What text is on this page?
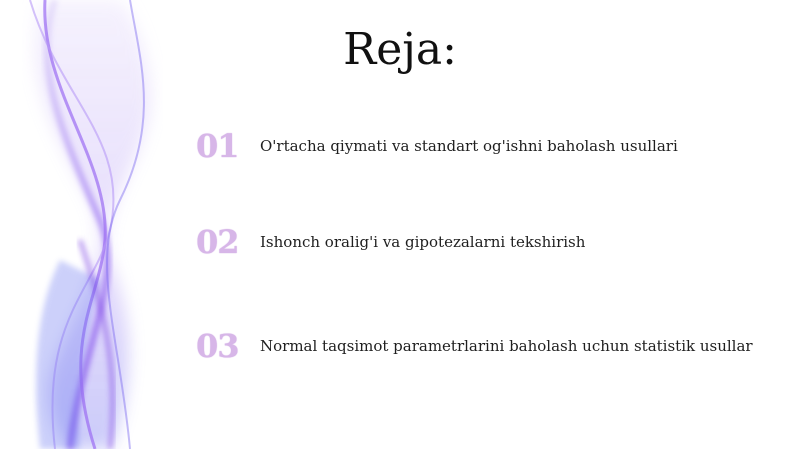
Reja:
01	O'rtacha qiymati va standart og'ishni baholash usullari
02	Ishonch oralig'i va gipotezalarni tekshirish
03	Normal taqsimot parametrlarini baholash uchun statistik usullar
